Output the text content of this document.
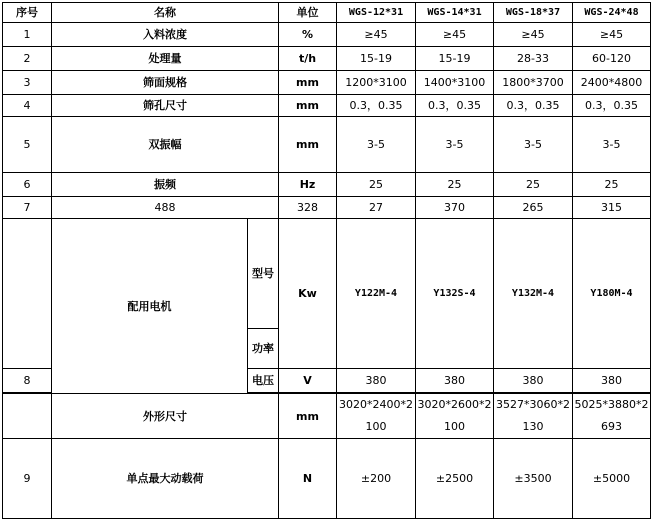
序号	名称		单位	WGS-12*31	WGS-14*31	WGS-18*37	WGS-24*48
1	入料浓度		%	≥45	≥45	≥45	≥45
2	处理量		t/h	15-19	15-19	28-33	60-120
3	筛面规格		mm	1200*3100	1400*3100	1800*3700	2400*4800
4	筛孔尺寸		mm	0.3，0.35	0.3，0.35	0.3，0.35	0.3，0.35
5	双振幅		mm	3-5	3-5	3-5	3-5
6	振频		Hz	25	25	25	25
7	488		328	27	370	265	315
	配用电机	型号	Kw	Y122M-4	Y132S-4	Y132M-4	Y180M-4
		功率					
8		电压	V	380	380	380	380

	外形尺寸		mm	3020*2400*2100	3020*2600*2100	3527*3060*2130	5025*3880*2693
9	单点最大动载荷		N	±200	±2500	±3500	±5000
